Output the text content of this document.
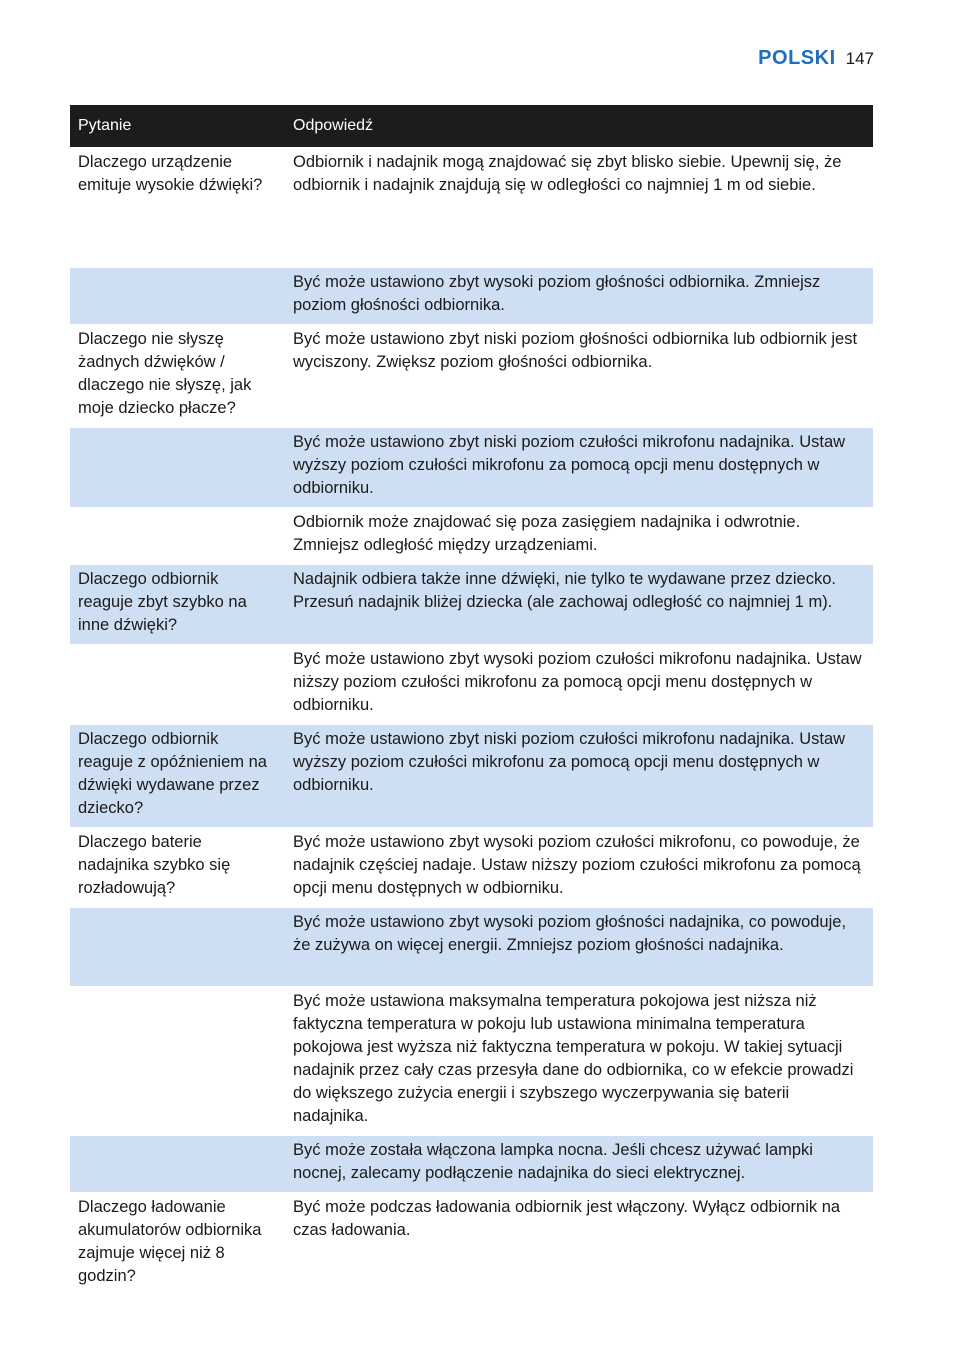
POLSKI 147
Pytanie	Odpowiedź
Dlaczego urządzenie emituje wysokie dźwięki?	Odbiornik i nadajnik mogą znajdować się zbyt blisko siebie. Upewnij się, że odbiornik i nadajnik znajdują się w odległości co najmniej 1 m od siebie.
	Być może ustawiono zbyt wysoki poziom głośności odbiornika. Zmniejsz poziom głośności odbiornika.
Dlaczego nie słyszę żadnych dźwięków / dlaczego nie słyszę, jak moje dziecko płacze?	Być może ustawiono zbyt niski poziom głośności odbiornika lub odbiornik jest wyciszony. Zwiększ poziom głośności odbiornika.
	Być może ustawiono zbyt niski poziom czułości mikrofonu nadajnika. Ustaw wyższy poziom czułości mikrofonu za pomocą opcji menu dostępnych w odbiorniku.
	Odbiornik może znajdować się poza zasięgiem nadajnika i odwrotnie. Zmniejsz odległość między urządzeniami.
Dlaczego odbiornik reaguje zbyt szybko na inne dźwięki?	Nadajnik odbiera także inne dźwięki, nie tylko te wydawane przez dziecko. Przesuń nadajnik bliżej dziecka (ale zachowaj odległość co najmniej 1 m).
	Być może ustawiono zbyt wysoki poziom czułości mikrofonu nadajnika. Ustaw niższy poziom czułości mikrofonu za pomocą opcji menu dostępnych w odbiorniku.
Dlaczego odbiornik reaguje z opóźnieniem na dźwięki wydawane przez dziecko?	Być może ustawiono zbyt niski poziom czułości mikrofonu nadajnika. Ustaw wyższy poziom czułości mikrofonu za pomocą opcji menu dostępnych w odbiorniku.
Dlaczego baterie nadajnika szybko się rozładowują?	Być może ustawiono zbyt wysoki poziom czułości mikrofonu, co powoduje, że nadajnik częściej nadaje. Ustaw niższy poziom czułości mikrofonu za pomocą opcji menu dostępnych w odbiorniku.
	Być może ustawiono zbyt wysoki poziom głośności nadajnika, co powoduje, że zużywa on więcej energii. Zmniejsz poziom głośności nadajnika.
	Być może ustawiona maksymalna temperatura pokojowa jest niższa niż faktyczna temperatura w pokoju lub ustawiona minimalna temperatura pokojowa jest wyższa niż faktyczna temperatura w pokoju. W takiej sytuacji nadajnik przez cały czas przesyła dane do odbiornika, co w efekcie prowadzi do większego zużycia energii i szybszego wyczerpywania się baterii nadajnika.
	Być może została włączona lampka nocna. Jeśli chcesz używać lampki nocnej, zalecamy podłączenie nadajnika do sieci elektrycznej.
Dlaczego ładowanie akumulatorów odbiornika zajmuje więcej niż 8 godzin?	Być może podczas ładowania odbiornik jest włączony. Wyłącz odbiornik na czas ładowania.
